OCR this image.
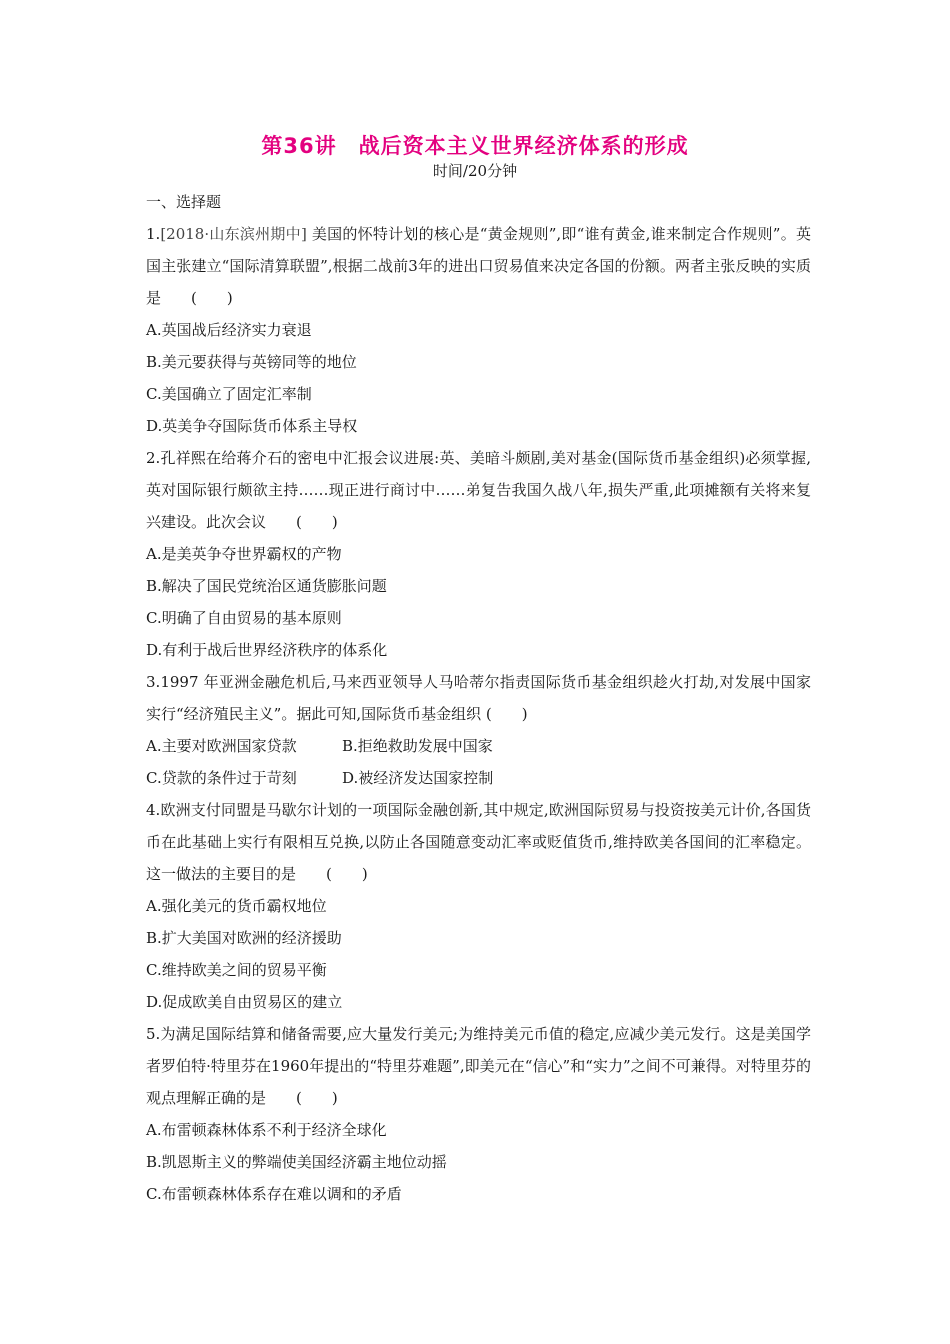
第36讲 战后资本主义世界经济体系的形成
时间/20分钟

一、选择题

1.[2018·山东滨州期中] 美国的怀特计划的核心是“黄金规则”,即“谁有黄金,谁来制定合作规则”。英国主张建立“国际清算联盟”,根据二战前3年的进出口贸易值来决定各国的份额。两者主张反映的实质是　　(　　)

A.英国战后经济实力衰退

B.美元要获得与英镑同等的地位

C.美国确立了固定汇率制

D.英美争夺国际货币体系主导权

2.孔祥熙在给蒋介石的密电中汇报会议进展:英、美暗斗颇剧,美对基金(国际货币基金组织)必须掌握,英对国际银行颇欲主持……现正进行商讨中……弟复告我国久战八年,损失严重,此项摊额有关将来复兴建设。此次会议　　(　　)

A.是美英争夺世界霸权的产物

B.解决了国民党统治区通货膨胀问题

C.明确了自由贸易的基本原则

D.有利于战后世界经济秩序的体系化

3.1997 年亚洲金融危机后,马来西亚领导人马哈蒂尔指责国际货币基金组织趁火打劫,对发展中国家实行“经济殖民主义”。据此可知,国际货币基金组织 (　　)

A.主要对欧洲国家贷款	B.拒绝救助发展中国家
C.贷款的条件过于苛刻	D.被经济发达国家控制

4.欧洲支付同盟是马歇尔计划的一项国际金融创新,其中规定,欧洲国际贸易与投资按美元计价,各国货币在此基础上实行有限相互兑换,以防止各国随意变动汇率或贬值货币,维持欧美各国间的汇率稳定。这一做法的主要目的是　　(　　)

A.强化美元的货币霸权地位

B.扩大美国对欧洲的经济援助

C.维持欧美之间的贸易平衡

D.促成欧美自由贸易区的建立

5.为满足国际结算和储备需要,应大量发行美元;为维持美元币值的稳定,应减少美元发行。这是美国学者罗伯特·特里芬在1960年提出的“特里芬难题”,即美元在“信心”和“实力”之间不可兼得。对特里芬的观点理解正确的是　　(　　)

A.布雷顿森林体系不利于经济全球化

B.凯恩斯主义的弊端使美国经济霸主地位动摇

C.布雷顿森林体系存在难以调和的矛盾
